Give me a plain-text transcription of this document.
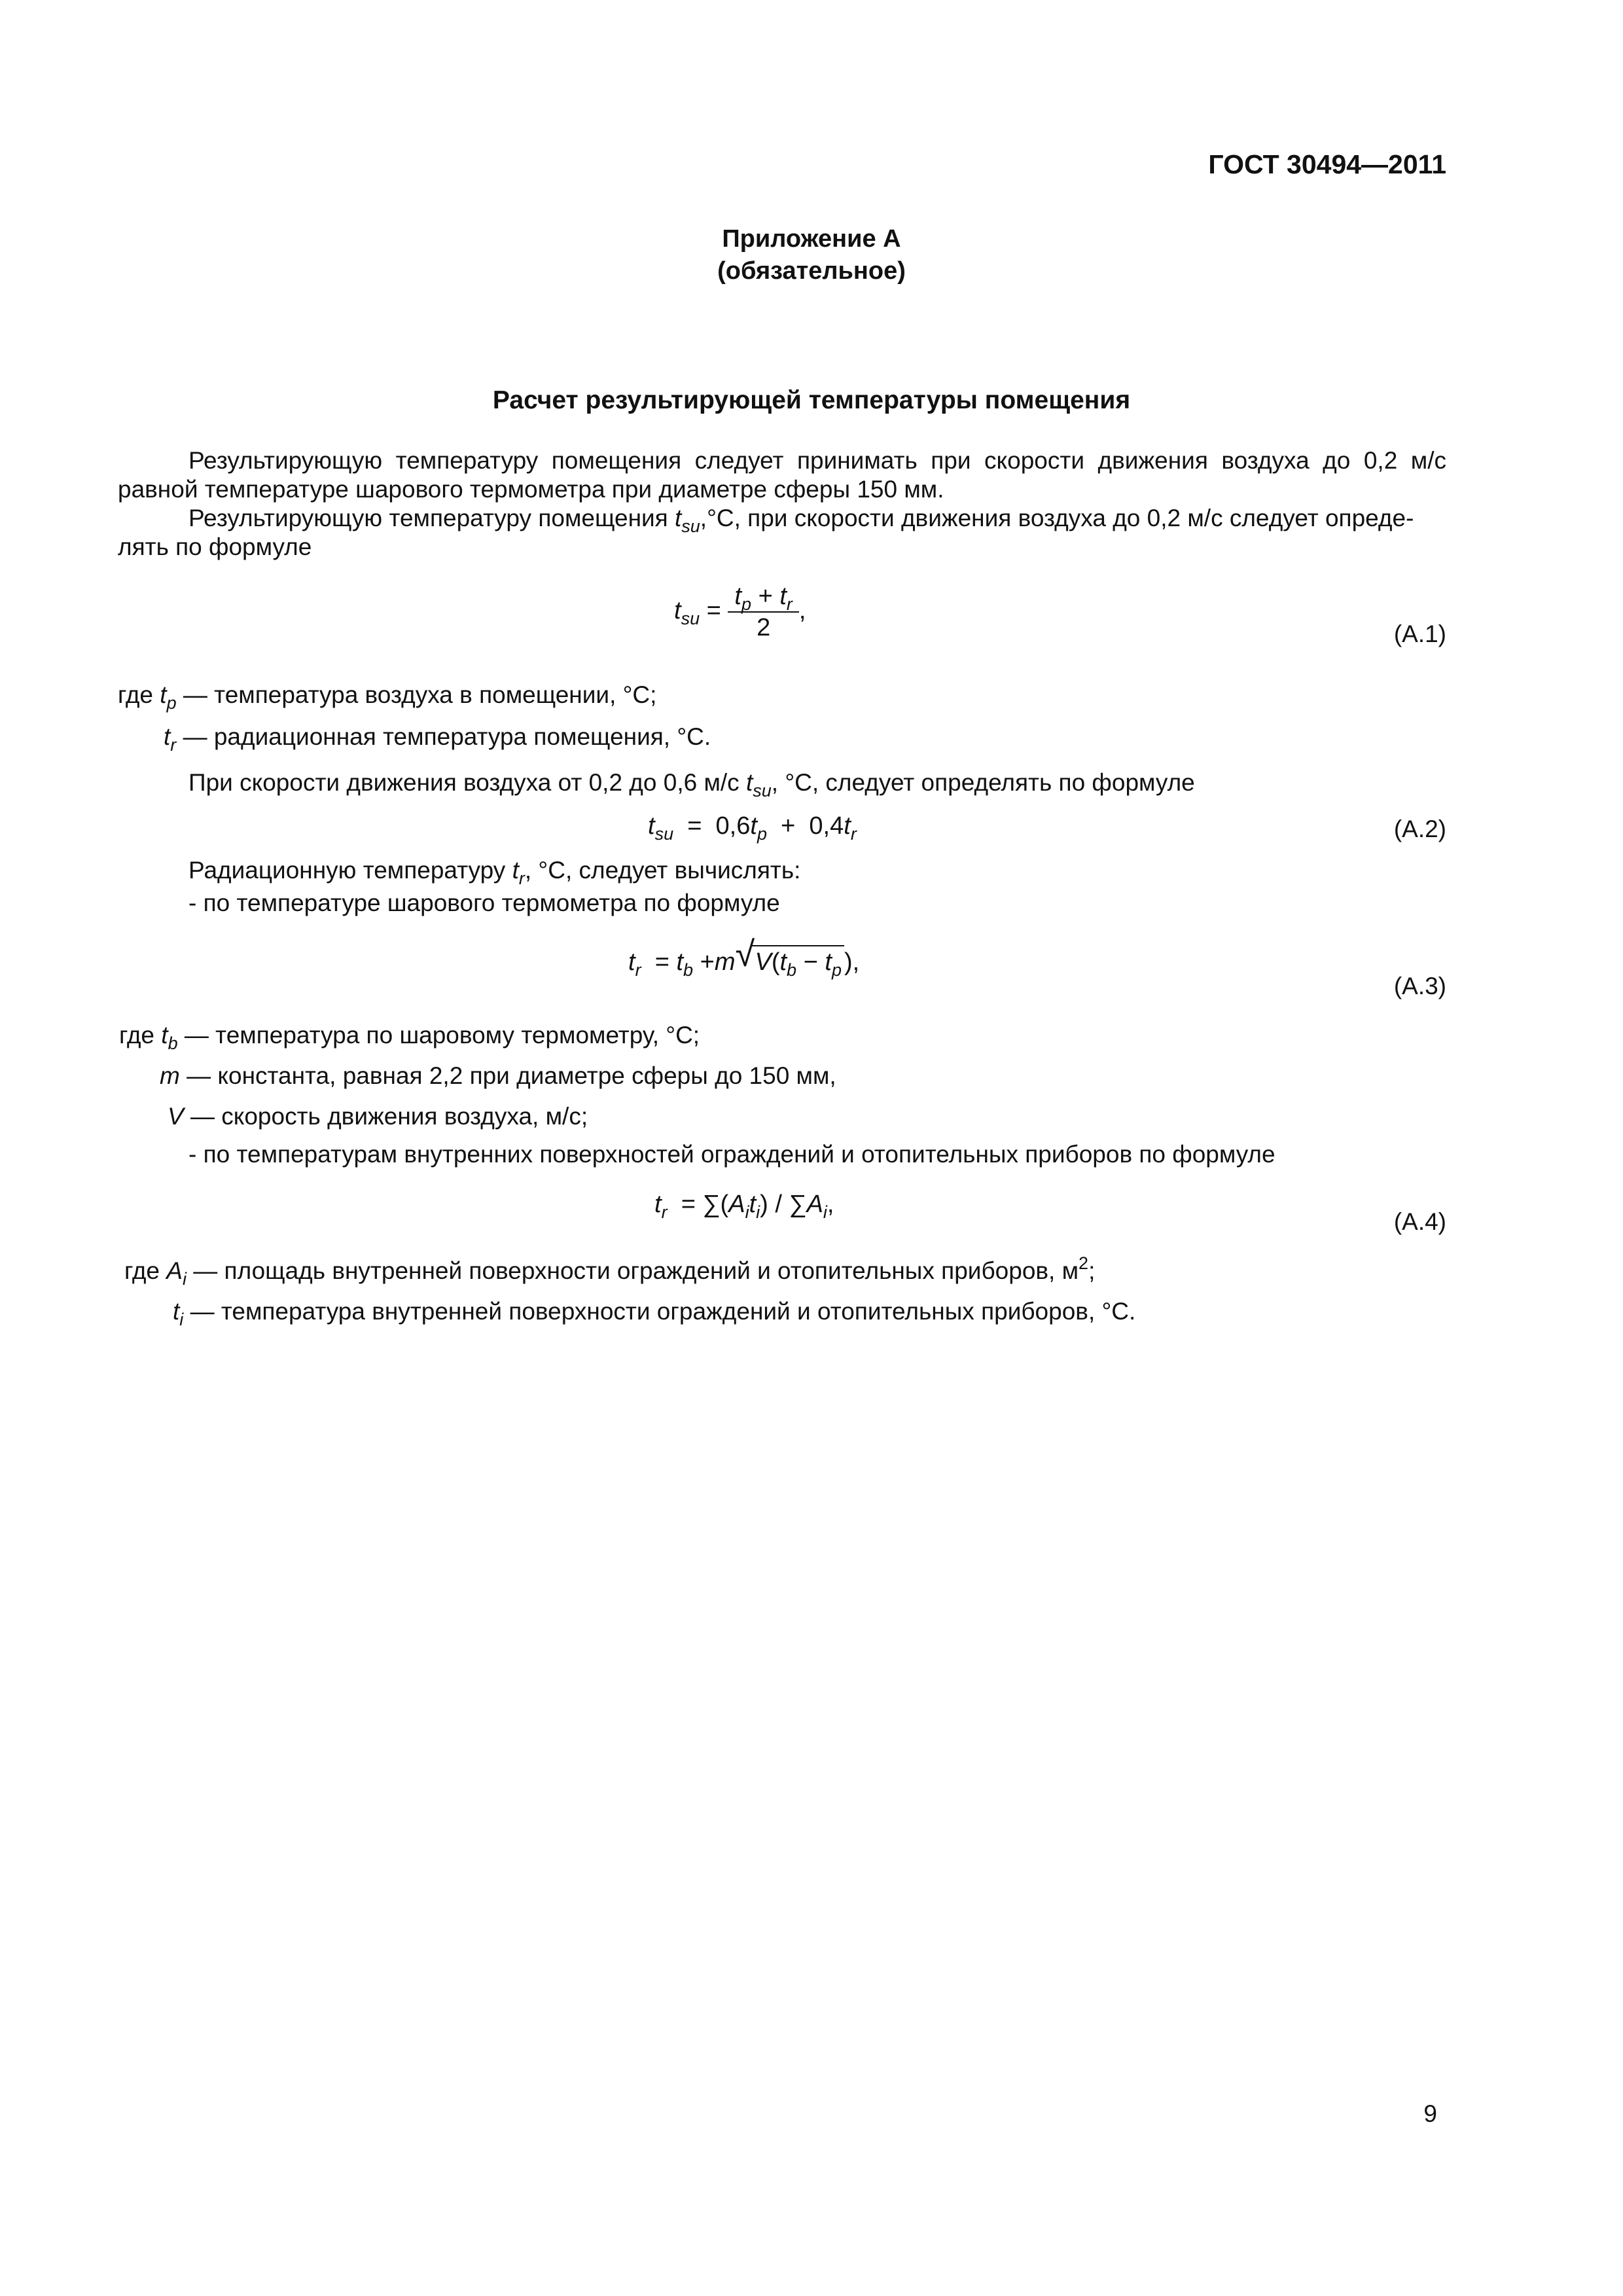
ГОСТ 30494—2011
Приложение А
(обязательное)
Расчет результирующей температуры помещения
Результирующую температуру помещения следует принимать при скорости движения воздуха до 0,2 м/с равной температуре шарового термометра при диаметре сферы 150 мм.
Результирующую температуру помещения $t_{su},^\circ С$, при скорости движения воздуха до 0,2 м/с следует опреде-
лять по формуле
$t_{su} = \frac{t_p + t_r}{2}$ ,
(А.1)
где $t_p$ — температура воздуха в помещении, °С;
$t_r$ — радиационная температура помещения, °С.
При скорости движения воздуха от 0,2 до 0,6 м/с $t_{su}$, °С, следует определять по формуле
$t_{su} = 0,6t_p + 0,4t_r$	(А.2)
Радиационную температуру $t_r$, °С, следует вычислять:
- по температуре шарового термометра по формуле
$t_r = t_b +m$ √ $V(t_b - t_p$ ),
(А.3)
где $t_b$ — температура по шаровому термометру, °С;
m — константа, равная 2,2 при диаметре сферы до 150 мм,
V — скорость движения воздуха, м/с;
- по температурам внутренних поверхностей ограждений и отопительных приборов по формуле
$t_r = \sum(A_it_i) / \sum A_i$,
(А.4)
где $A_i$ — площадь внутренней поверхности ограждений и отопительных приборов, $м^2$;
$t_i$ — температура внутренней поверхности ограждений и отопительных приборов, °С.
9
